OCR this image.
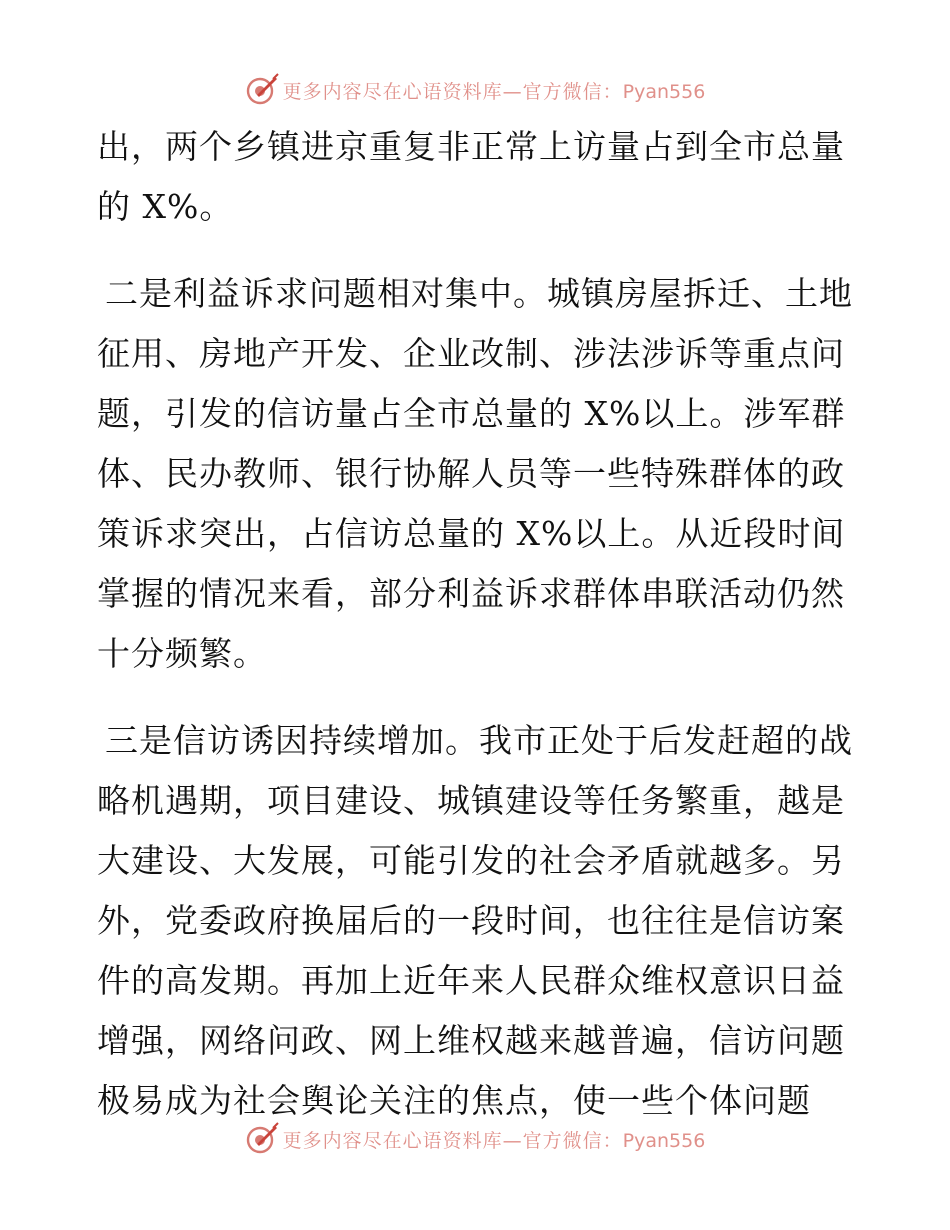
更多内容尽在心语资料库—官方微信：Pyan556

出，两个乡镇进京重复非正常上访量占到全市总量的 X%。

二是利益诉求问题相对集中。城镇房屋拆迁、土地征用、房地产开发、企业改制、涉法涉诉等重点问题，引发的信访量占全市总量的 X%以上。涉军群体、民办教师、银行协解人员等一些特殊群体的政策诉求突出，占信访总量的 X%以上。从近段时间掌握的情况来看，部分利益诉求群体串联活动仍然十分频繁。

三是信访诱因持续增加。我市正处于后发赶超的战略机遇期，项目建设、城镇建设等任务繁重，越是大建设、大发展，可能引发的社会矛盾就越多。另外，党委政府换届后的一段时间，也往往是信访案件的高发期。再加上近年来人民群众维权意识日益增强，网络问政、网上维权越来越普遍，信访问题极易成为社会舆论关注的焦点，使一些个体问题

更多内容尽在心语资料库—官方微信：Pyan556
